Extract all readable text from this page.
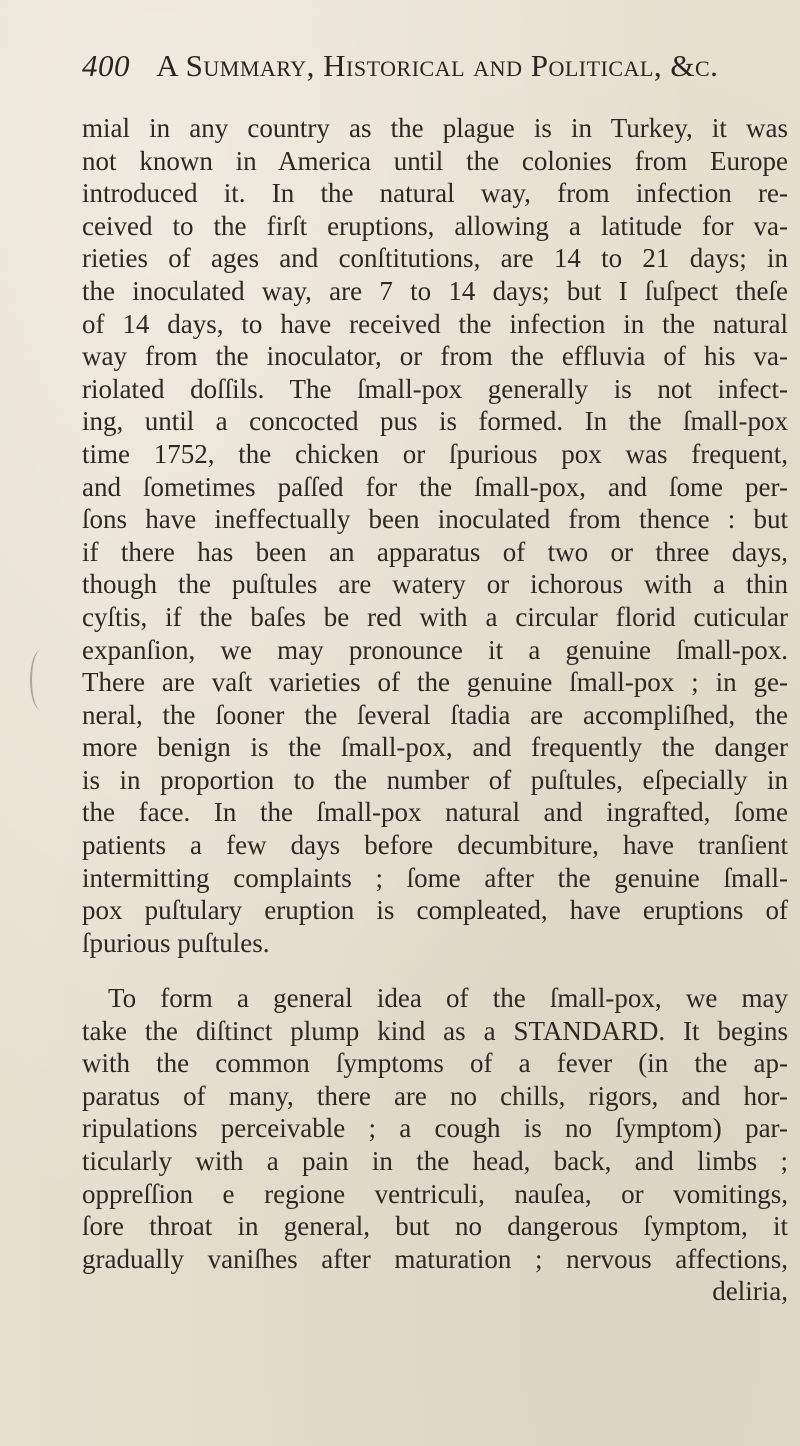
400 A Summary, Historical and Political, &c.
mial in any country as the plague is in Turkey, it was
not known in America until the colonies from Europe
introduced it. In the natural way, from infection re-
ceived to the firſt eruptions, allowing a latitude for va-
rieties of ages and conſtitutions, are 14 to 21 days; in
the inoculated way, are 7 to 14 days; but I ſuſpect theſe
of 14 days, to have received the infection in the natural
way from the inoculator, or from the effluvia of his va-
riolated doſſils. The ſmall-pox generally is not infect-
ing, until a concocted pus is formed. In the ſmall-pox
time 1752, the chicken or ſpurious pox was frequent,
and ſometimes paſſed for the ſmall-pox, and ſome per-
ſons have ineffectually been inoculated from thence : but
if there has been an apparatus of two or three days,
though the puſtules are watery or ichorous with a thin
cyſtis, if the baſes be red with a circular florid cuticular
expanſion, we may pronounce it a genuine ſmall-pox.
There are vaſt varieties of the genuine ſmall-pox ; in ge-
neral, the ſooner the ſeveral ſtadia are accompliſhed, the
more benign is the ſmall-pox, and frequently the danger
is in proportion to the number of puſtules, eſpecially in
the face. In the ſmall-pox natural and ingrafted, ſome
patients a few days before decumbiture, have tranſient
intermitting complaints ; ſome after the genuine ſmall-
pox puſtulary eruption is compleated, have eruptions of
ſpurious puſtules.
To form a general idea of the ſmall-pox, we may
take the diſtinct plump kind as a STANDARD. It begins
with the common ſymptoms of a fever (in the ap-
paratus of many, there are no chills, rigors, and hor-
ripulations perceivable ; a cough is no ſymptom) par-
ticularly with a pain in the head, back, and limbs ;
oppreſſion e regione ventriculi, nauſea, or vomitings,
ſore throat in general, but no dangerous ſymptom, it
gradually vaniſhes after maturation ; nervous affections,
deliria,
